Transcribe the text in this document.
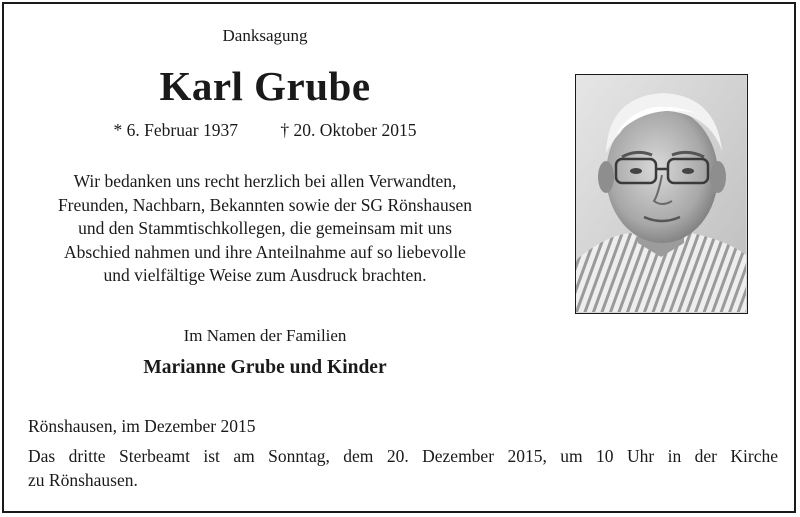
Danksagung
Karl Grube
* 6. Februar 1937 † 20. Oktober 2015
Wir bedanken uns recht herzlich bei allen Verwandten,
Freunden, Nachbarn, Bekannten sowie der SG Rönshausen
und den Stammtischkollegen, die gemeinsam mit uns
Abschied nahmen und ihre Anteilnahme auf so liebevolle
und vielfältige Weise zum Ausdruck brachten.
Im Namen der Familien
Marianne Grube und Kinder
Rönshausen, im Dezember 2015
Das dritte Sterbeamt ist am Sonntag, dem 20. Dezember 2015, um 10 Uhr in der Kirche
zu Rönshausen.
